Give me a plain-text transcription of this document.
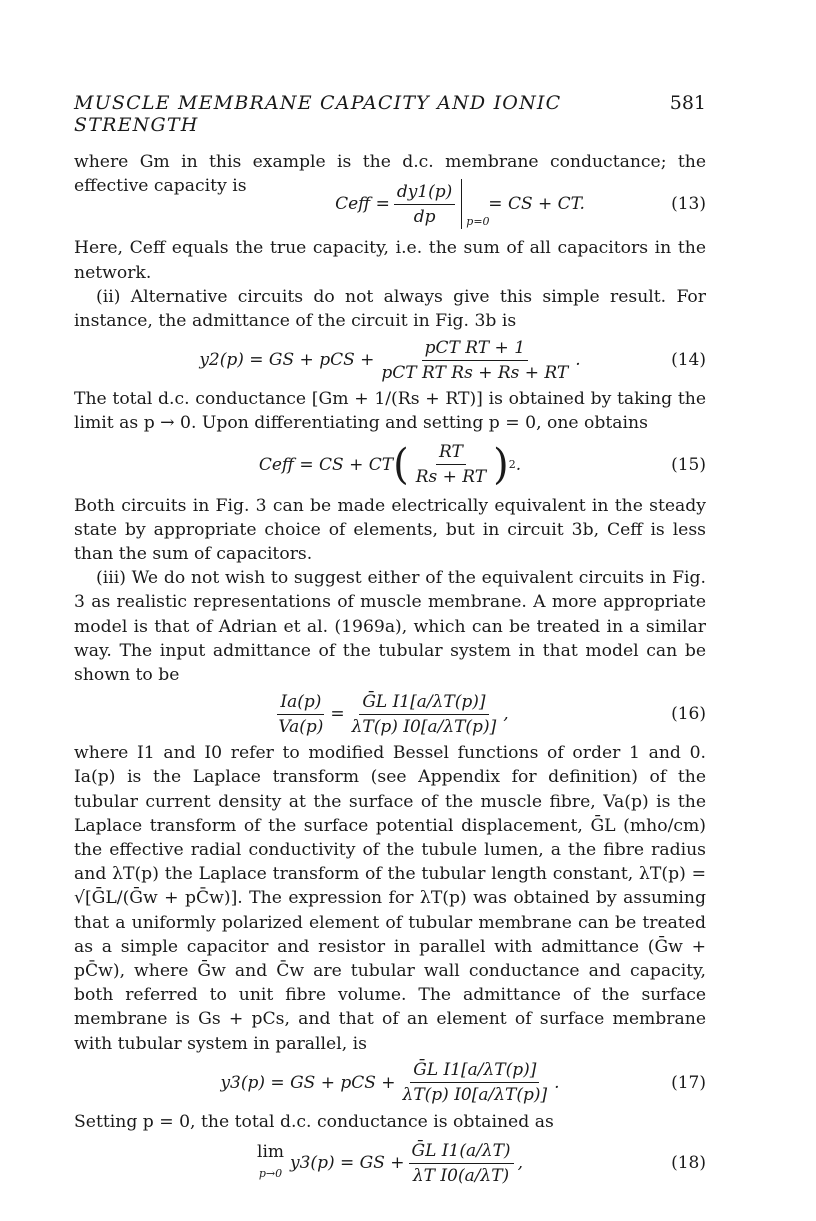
MUSCLE MEMBRANE CAPACITY AND IONIC STRENGTH
581

where Gm in this example is the d.c. membrane conductance; the effective capacity is

Ceff = $\frac{dy1(p)}{dp} p=0$
= CS + CT.	(13)

Here, Ceff equals the true capacity, i.e. the sum of all capacitors in the network.

(ii) Alternative circuits do not always give this simple result. For instance, the admittance of the circuit in Fig. 3b is

y2(p) = GS + pCS + $\frac{\text{pCT RT + 1}}{\text{pCT RT Rs + Rs + RT}}$ .	(14)

The total d.c. conductance [Gm + 1/(Rs + RT)] is obtained by taking the limit as p → 0. Upon differentiating and setting p = 0, one obtains

Ceff = CS + CT ( $\frac{RT}{Rs + RT}$ ) 2 .	(15)

Both circuits in Fig. 3 can be made electrically equivalent in the steady state by appropriate choice of elements, but in circuit 3b, Ceff is less than the sum of capacitors.

(iii) We do not wish to suggest either of the equivalent circuits in Fig. 3 as realistic representations of muscle membrane. A more appropriate model is that of Adrian et al. (1969a), which can be treated in a similar way. The input admittance of the tubular system in that model can be shown to be

$\frac{Ia(p)}{Va(p)} = \frac{\text{ḠL I1[a/λT(p)]}}{\lambda T(p) I0[a/\lambda T(p)]}$ ,	(16)

where I1 and I0 refer to modified Bessel functions of order 1 and 0. Ia(p) is the Laplace transform (see Appendix for definition) of the tubular current density at the surface of the muscle fibre, Va(p) is the Laplace transform of the surface potential displacement, ḠL (mho/cm) the effective radial conductivity of the tubule lumen, a the fibre radius and λT(p) the Laplace transform of the tubular length constant, λT(p) = √[ḠL/(Ḡw + pC̄w)]. The expression for λT(p) was obtained by assuming that a uniformly polarized element of tubular membrane can be treated as a simple capacitor and resistor in parallel with admittance (Ḡw + pC̄w), where Ḡw and C̄w are tubular wall conductance and capacity, both referred to unit fibre volume. The admittance of the surface membrane is Gs + pCs, and that of an element of surface membrane with tubular system in parallel, is

y3(p) = GS + pCS + $\frac{\text{ḠL I1[a/λT(p)]}}{\lambda T(p) I0[a/\lambda T(p)]}$ .	(17)

Setting p = 0, the total d.c. conductance is obtained as

lim
p→0
y3(p) = GS + $\frac{\text{ḠL I1(a/λT)}}{\text{λT I0(a/λT)}}$ ,	(18)
